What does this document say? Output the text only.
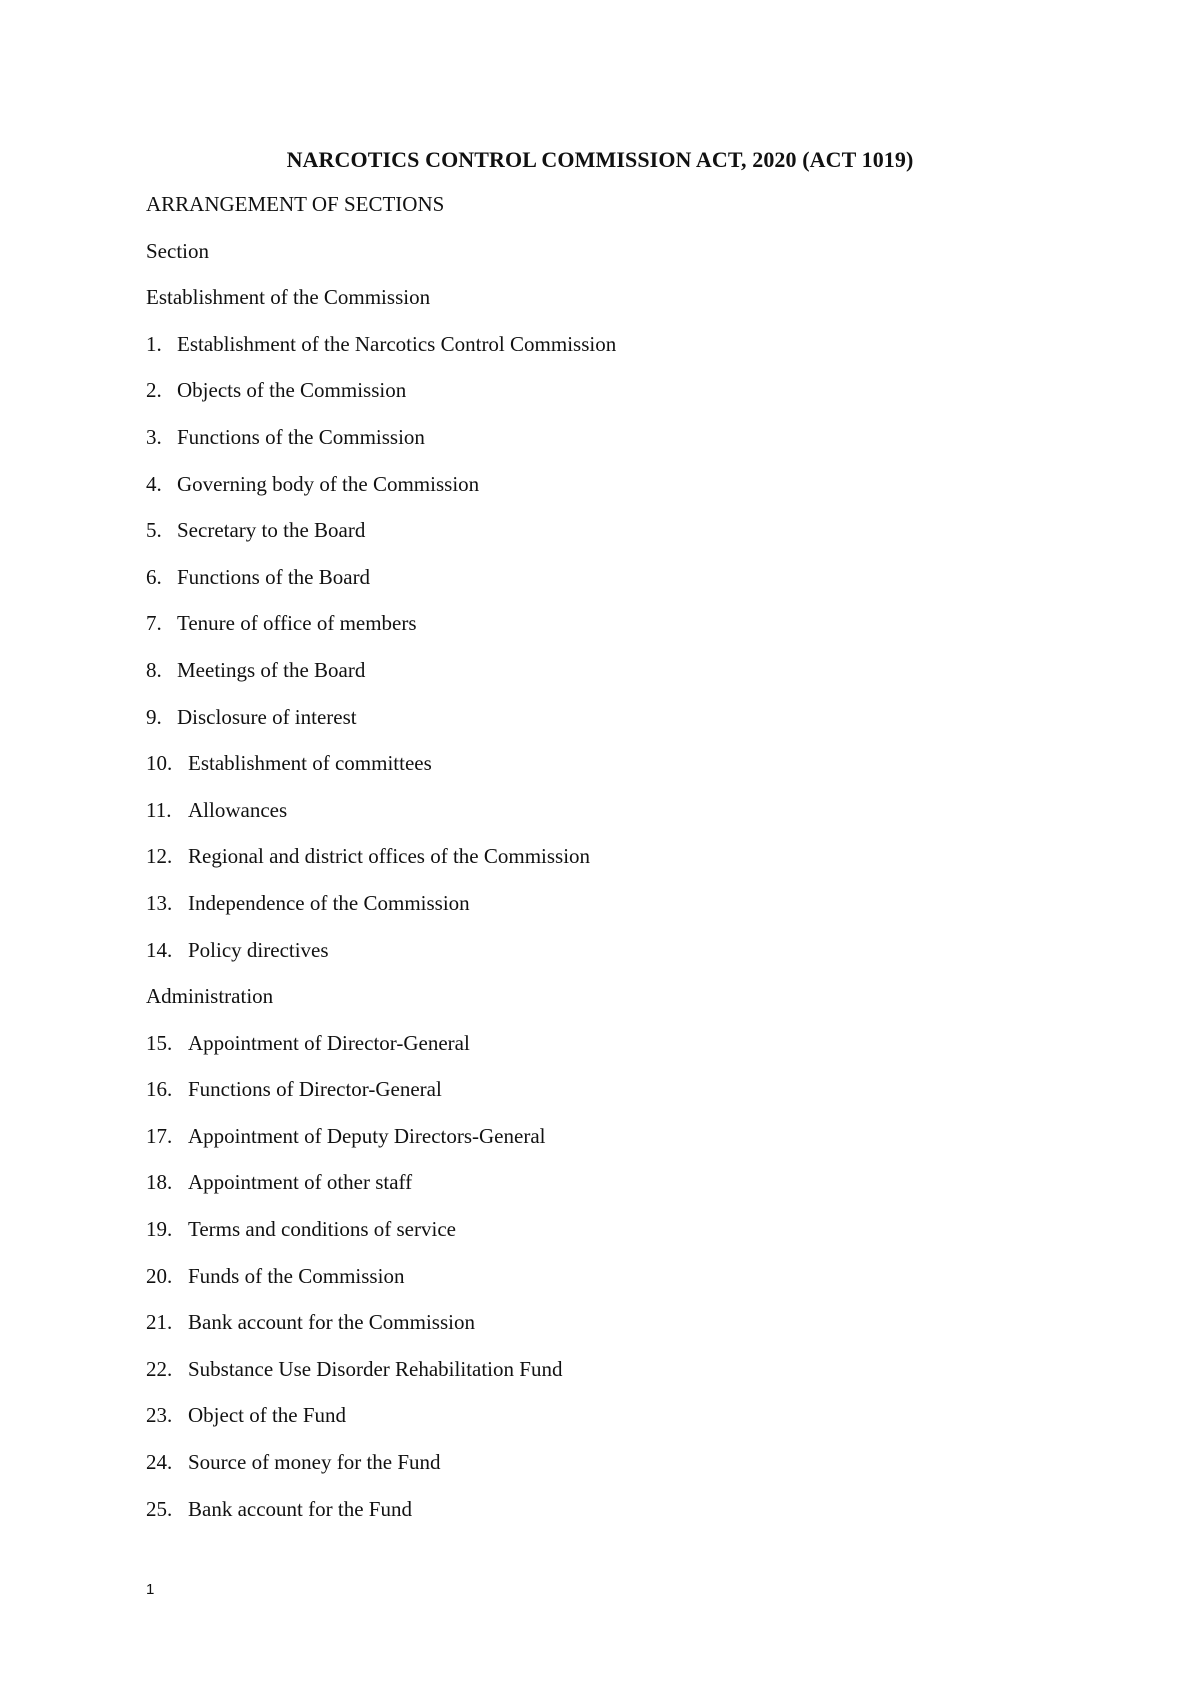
NARCOTICS CONTROL COMMISSION ACT, 2020 (ACT 1019)
ARRANGEMENT OF SECTIONS
Section
Establishment of the Commission
1. Establishment of the Narcotics Control Commission
2. Objects of the Commission
3. Functions of the Commission
4. Governing body of the Commission
5. Secretary to the Board
6. Functions of the Board
7. Tenure of office of members
8. Meetings of the Board
9. Disclosure of interest
10. Establishment of committees
11. Allowances
12. Regional and district offices of the Commission
13. Independence of the Commission
14. Policy directives
Administration
15. Appointment of Director-General
16. Functions of Director-General
17. Appointment of Deputy Directors-General
18. Appointment of other staff
19. Terms and conditions of service
20. Funds of the Commission
21. Bank account for the Commission
22. Substance Use Disorder Rehabilitation Fund
23. Object of the Fund
24. Source of money for the Fund
25. Bank account for the Fund
1
